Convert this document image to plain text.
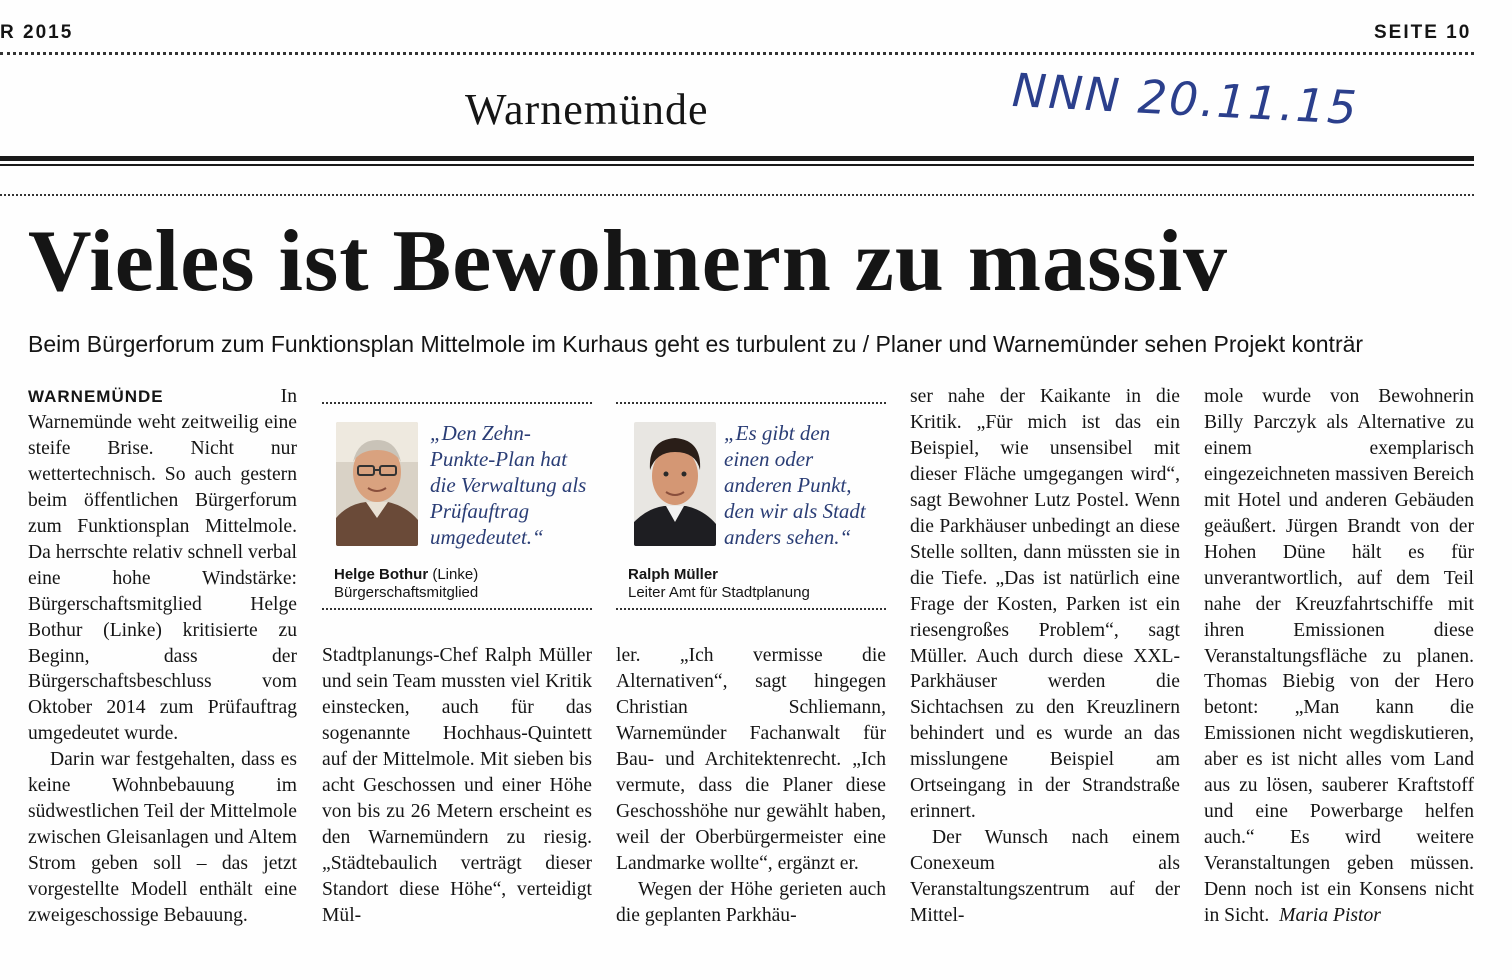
R 2015	SEITE 10
Warnemünde	NNN 20.11.15
Vieles ist Bewohnern zu massiv
Beim Bürgerforum zum Funktionsplan Mittelmole im Kurhaus geht es turbulent zu / Planer und Warnemünder sehen Projekt konträr

WARNEMÜNDE	In Warnemünde weht zeitweilig eine steife Brise. Nicht nur wettertechnisch. So auch gestern beim öffentlichen Bürgerforum zum Funktionsplan Mittelmole. Da herrschte relativ schnell verbal eine hohe Windstärke: Bürgerschaftsmitglied Helge Bothur (Linke) kritisierte zu Beginn, dass der Bürgerschaftsbeschluss vom Oktober 2014 zum Prüfauftrag umgedeutet wurde.

Darin war festgehalten, dass es keine Wohnbebauung im südwestlichen Teil der Mittelmole zwischen Gleisanlagen und Altem Strom geben soll – das jetzt vorgestellte Modell enthält eine zweigeschossige Bebauung.

„Den Zehn-Punkte-Plan hat die Verwaltung als Prüfauftrag umgedeutet.“
Helge Bothur (Linke)
Bürgerschaftsmitglied
„Es gibt den einen oder anderen Punkt, den wir als Stadt anders sehen.“
Ralph Müller
Leiter Amt für Stadtplanung

Stadtplanungs-Chef Ralph Müller und sein Team mussten viel Kritik einstecken, auch für das sogenannte Hochhaus-Quintett auf der Mittelmole. Mit sieben bis acht Geschossen und einer Höhe von bis zu 26 Metern erscheint es den Warnemündern zu riesig. „Städtebaulich verträgt dieser Standort diese Höhe“, verteidigt Mül-

ler. „Ich vermisse die Alternativen“, sagt hingegen Christian Schliemann, Warnemünder Fachanwalt für Bau- und Architektenrecht. „Ich vermute, dass die Planer diese Geschosshöhe nur gewählt haben, weil der Oberbürgermeister eine Landmarke wollte“, ergänzt er.

Wegen der Höhe gerieten auch die geplanten Parkhäu-

ser nahe der Kaikante in die Kritik. „Für mich ist das ein Beispiel, wie unsensibel mit dieser Fläche umgegangen wird“, sagt Bewohner Lutz Postel. Wenn die Parkhäuser unbedingt an diese Stelle sollten, dann müssten sie in die Tiefe. „Das ist natürlich eine Frage der Kosten, Parken ist ein riesengroßes Problem“, sagt Müller. Auch durch diese XXL-Parkhäuser werden die Sichtachsen zu den Kreuzlinern behindert und es wurde an das misslungene Beispiel am Ortseingang in der Strandstraße erinnert.

Der Wunsch nach einem Conexeum als Veranstaltungszentrum auf der Mittel-

mole wurde von Bewohnerin Billy Parczyk als Alternative zu einem exemplarisch eingezeichneten massiven Bereich mit Hotel und anderen Gebäuden geäußert. Jürgen Brandt von der Hohen Düne hält es für unverantwortlich, auf dem Teil nahe der Kreuzfahrtschiffe mit ihren Emissionen diese Veranstaltungsfläche zu planen. Thomas Biebig von der Hero betont: „Man kann die Emissionen nicht wegdiskutieren, aber es ist nicht alles vom Land aus zu lösen, sauberer Kraftstoff und eine Powerbarge helfen auch.“ Es wird weitere Veranstaltungen geben müssen. Denn noch ist ein Konsens nicht in Sicht. Maria Pistor
